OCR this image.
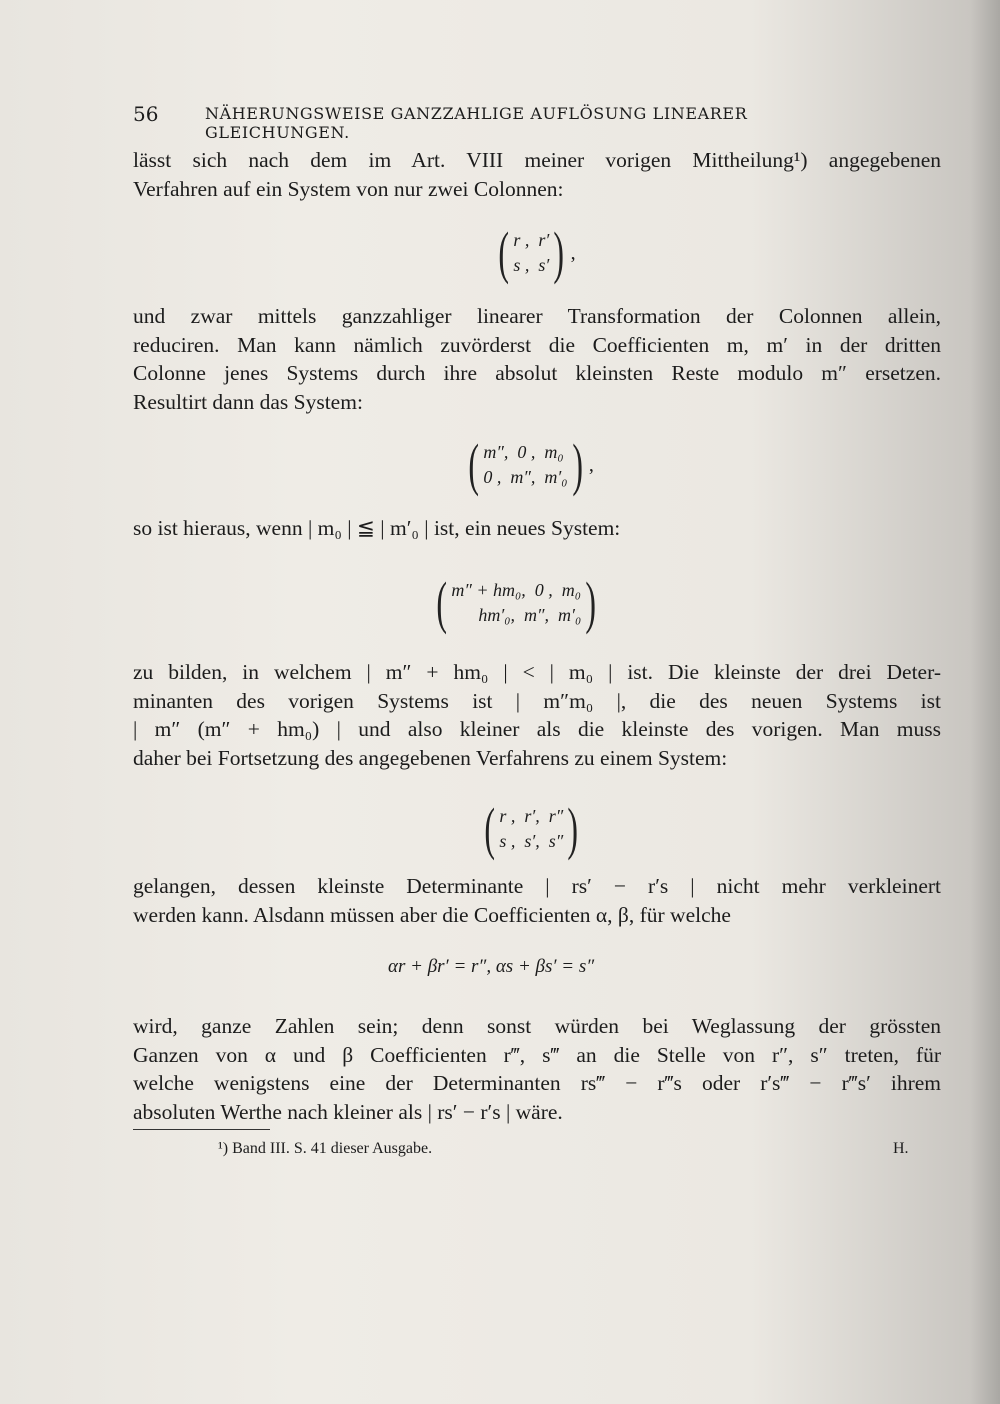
56	NÄHERUNGSWEISE GANZZAHLIGE AUFLÖSUNG LINEARER GLEICHUNGEN.
lässt sich nach dem im Art. VIII meiner vorigen Mittheilung¹) angegebenen
Verfahren auf ein System von nur zwei Colonnen:
( r ,  r′
s ,  s′ ) ,
und zwar mittels ganzzahliger linearer Transformation der Colonnen allein,
reduciren. Man kann nämlich zuvörderst die Coefficienten m, m′ in der dritten
Colonne jenes Systems durch ihre absolut kleinsten Reste modulo m″ ersetzen.
Resultirt dann das System:
( m″,  0 ,  m₀
0 ,  m″,  m′₀ ) ,
so ist hieraus, wenn | m₀ | ≦ | m′₀ | ist, ein neues System:
( m″ + hm₀,  0 ,  m₀
hm′₀,  m″,  m′₀ )
zu bilden, in welchem | m″ + hm₀ | < | m₀ | ist. Die kleinste der drei Deter-
minanten des vorigen Systems ist | m″m₀ |, die des neuen Systems ist
| m″ (m″ + hm₀) | und also kleiner als die kleinste des vorigen. Man muss
daher bei Fortsetzung des angegebenen Verfahrens zu einem System:
( r ,  r′,  r″
s ,  s′,  s″ )
gelangen, dessen kleinste Determinante | rs′ − r′s | nicht mehr verkleinert
werden kann. Alsdann müssen aber die Coefficienten α, β, für welche
αr + βr′ = r″, αs + βs′ = s″
wird, ganze Zahlen sein; denn sonst würden bei Weglassung der grössten
Ganzen von α und β Coefficienten r‴, s‴ an die Stelle von r″, s″ treten, für
welche wenigstens eine der Determinanten rs‴ − r‴s oder r′s‴ − r‴s′ ihrem
absoluten Werthe nach kleiner als | rs′ − r′s | wäre.
¹) Band III. S. 41 dieser Ausgabe.	H.
